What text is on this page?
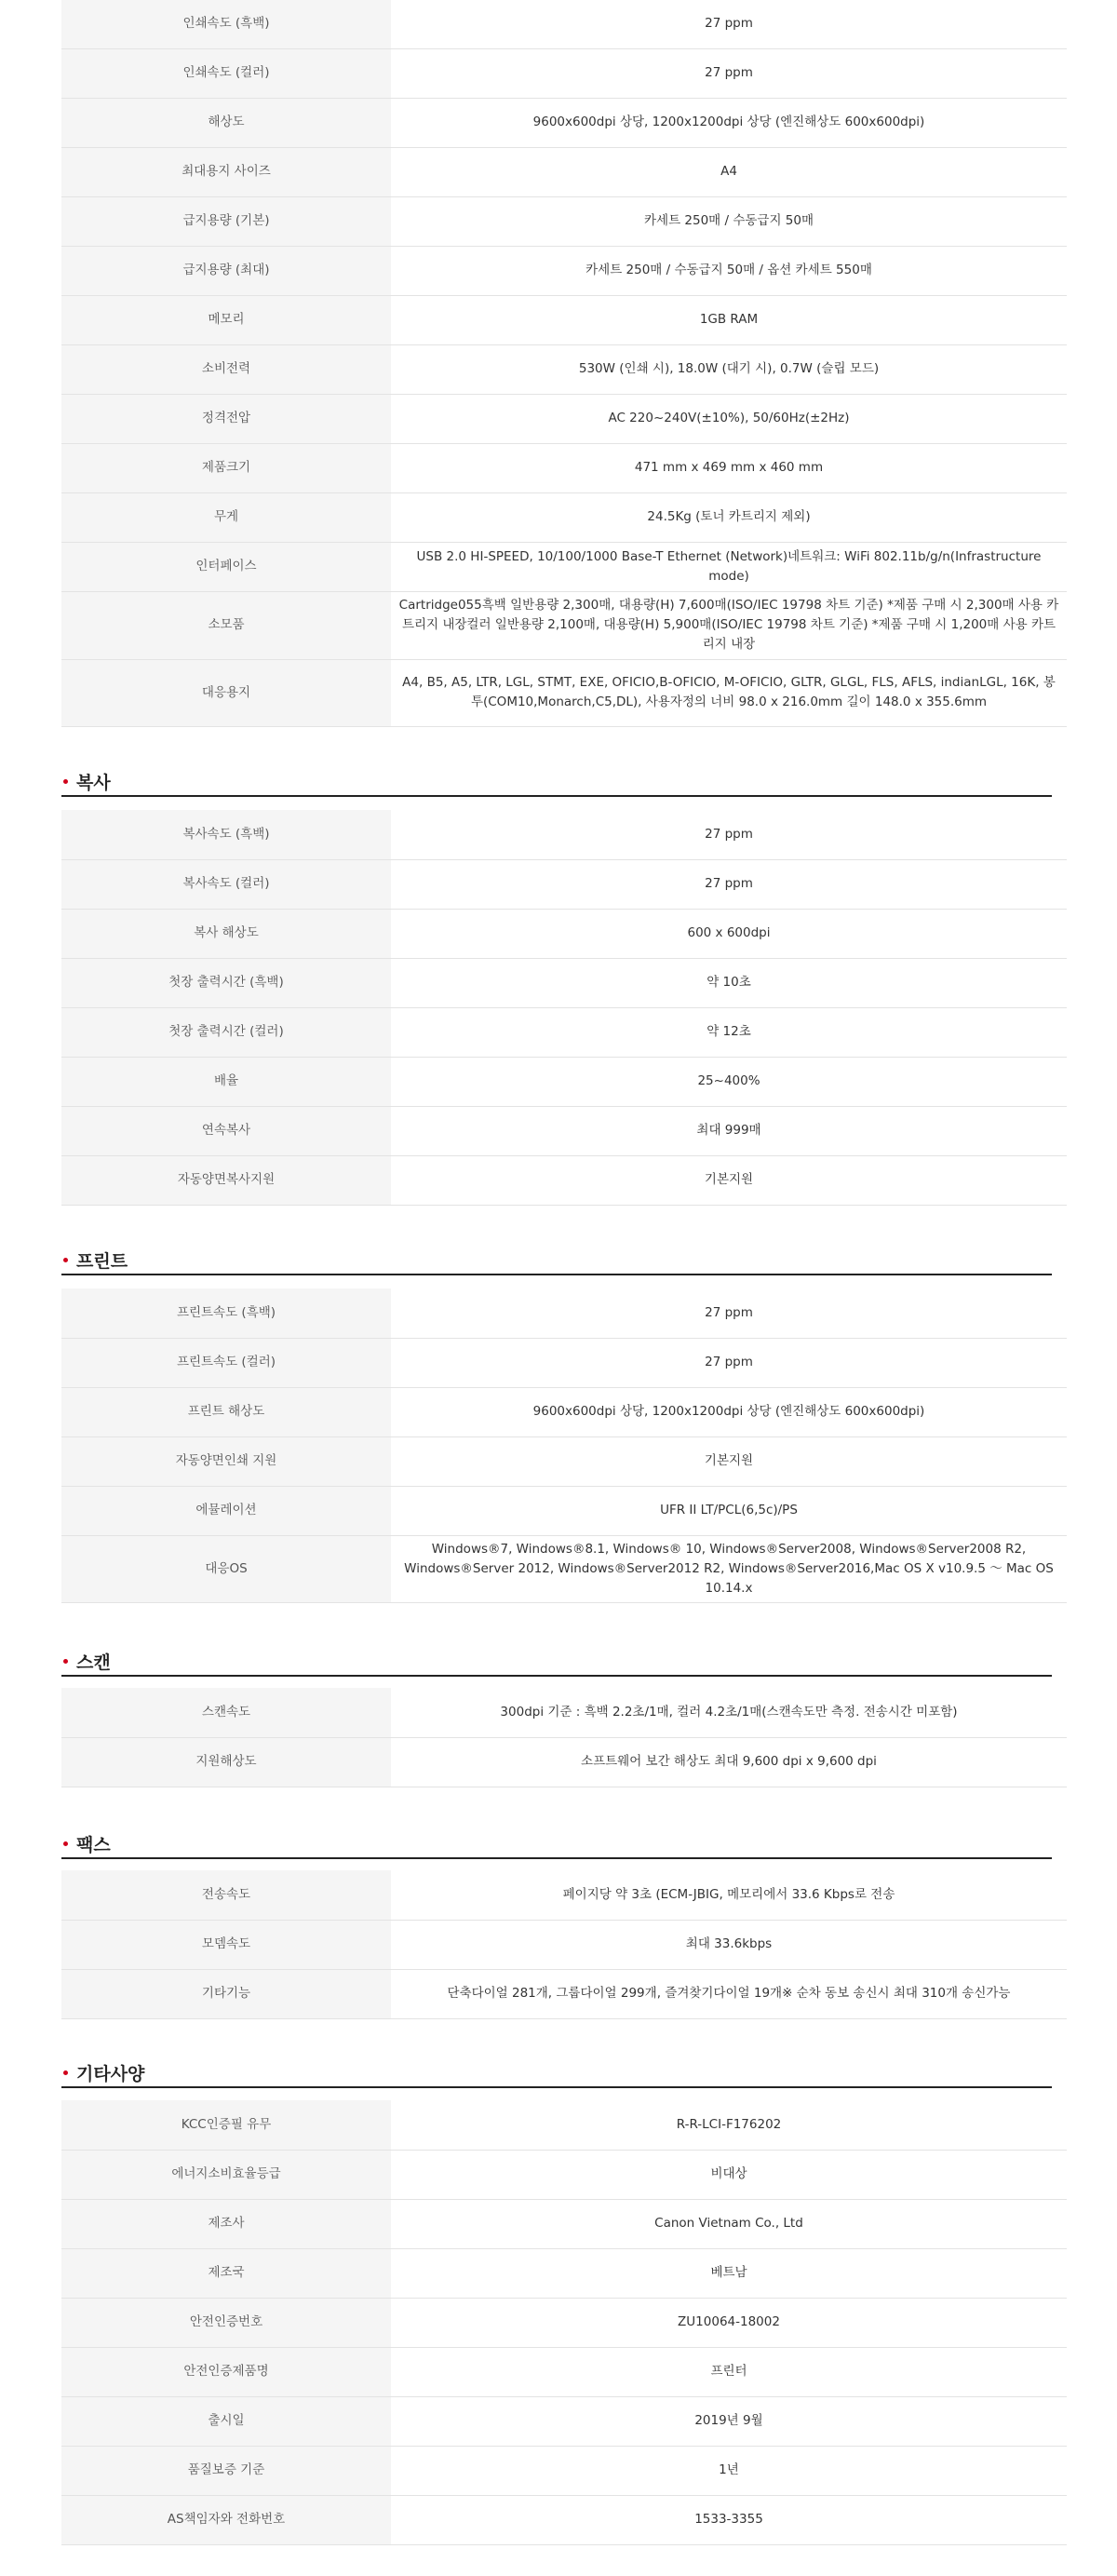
인쇄속도 (흑백)	27 ppm
인쇄속도 (컬러)	27 ppm
해상도	9600x600dpi 상당, 1200x1200dpi 상당 (엔진해상도 600x600dpi)
최대용지 사이즈	A4
급지용량 (기본)	카세트 250매 / 수동급지 50매
급지용량 (최대)	카세트 250매 / 수동급지 50매 / 옵션 카세트 550매
메모리	1GB RAM
소비전력	530W (인쇄 시), 18.0W (대기 시), 0.7W (슬립 모드)
정격전압	AC 220~240V(±10%), 50/60Hz(±2Hz)
제품크기	471 mm x 469 mm x 460 mm
무게	24.5Kg (토너 카트리지 제외)
인터페이스	USB 2.0 HI-SPEED, 10/100/1000 Base-T Ethernet (Network)네트워크: WiFi 802.11b/g/n(Infrastructure mode)
소모품	Cartridge055흑백 일반용량 2,300매, 대용량(H) 7,600매(ISO/IEC 19798 차트 기준) *제품 구매 시 2,300매 사용 카트리지 내장컬러 일반용량 2,100매, 대용량(H) 5,900매(ISO/IEC 19798 차트 기준) *제품 구매 시 1,200매 사용 카트리지 내장
대응용지	A4, B5, A5, LTR, LGL, STMT, EXE, OFICIO,B-OFICIO, M-OFICIO, GLTR, GLGL, FLS, AFLS, indianLGL, 16K, 봉투(COM10,Monarch,C5,DL), 사용자정의 너비 98.0 x 216.0mm 길이 148.0 x 355.6mm
복사
복사속도 (흑백)	27 ppm
복사속도 (컬러)	27 ppm
복사 해상도	600 x 600dpi
첫장 출력시간 (흑백)	약 10초
첫장 출력시간 (컬러)	약 12초
배율	25~400%
연속복사	최대 999매
자동양면복사지원	기본지원
프린트
프린트속도 (흑백)	27 ppm
프린트속도 (컬러)	27 ppm
프린트 해상도	9600x600dpi 상당, 1200x1200dpi 상당 (엔진해상도 600x600dpi)
자동양면인쇄 지원	기본지원
에뮬레이션	UFR II LT/PCL(6,5c)/PS
대응OS	Windows®7, Windows®8.1, Windows® 10, Windows®Server2008, Windows®Server2008 R2, Windows®Server 2012, Windows®Server2012 R2, Windows®Server2016,Mac OS X v10.9.5 ～ Mac OS 10.14.x
스캔
스캔속도	300dpi 기준 : 흑백 2.2초/1매, 컬러 4.2초/1매(스캔속도만 측정. 전송시간 미포함)
지원해상도	소프트웨어 보간 해상도 최대 9,600 dpi x 9,600 dpi
팩스
전송속도	페이지당 약 3초 (ECM-JBIG, 메모리에서 33.6 Kbps로 전송
모뎀속도	최대 33.6kbps
기타기능	단축다이얼 281개, 그룹다이얼 299개, 즐겨찾기다이얼 19개※ 순차 동보 송신시 최대 310개 송신가능
기타사양
KCC인증필 유무	R-R-LCI-F176202
에너지소비효율등급	비대상
제조사	Canon Vietnam Co., Ltd
제조국	베트남
안전인증번호	ZU10064-18002
안전인증제품명	프린터
출시일	2019년 9월
품질보증 기준	1년
AS책임자와 전화번호	1533-3355
